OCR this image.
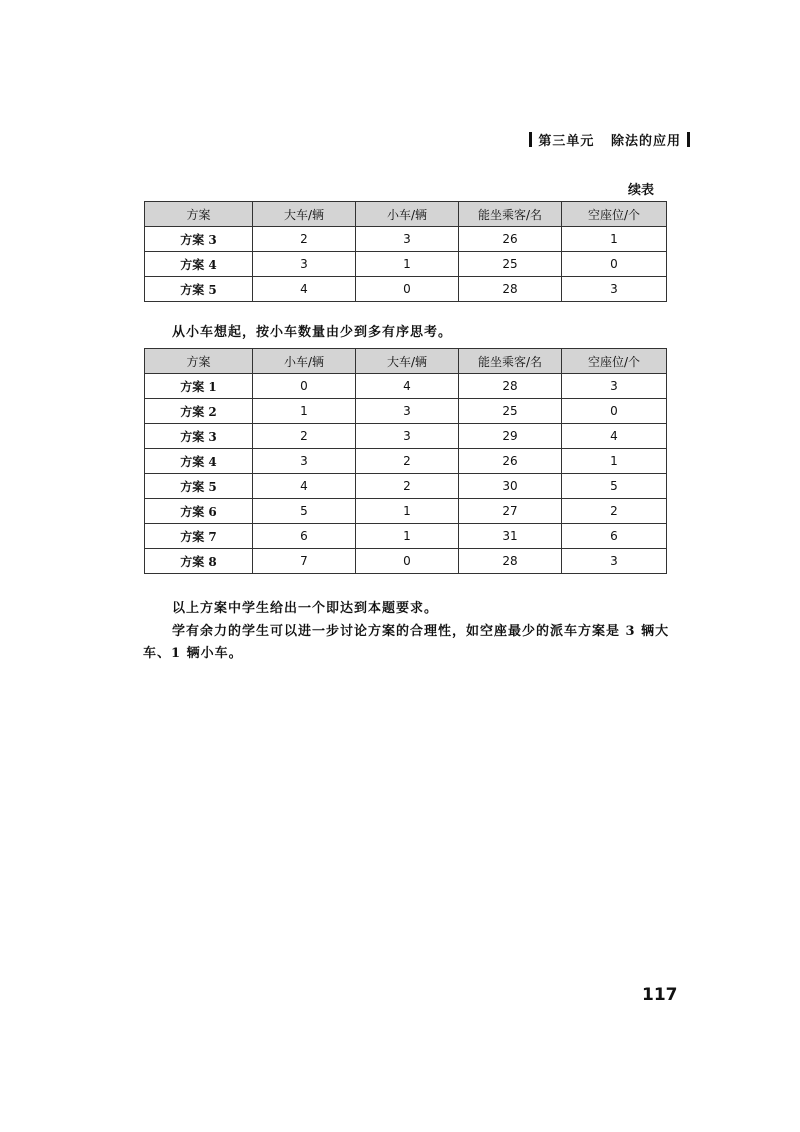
第三单元 除法的应用
续表
方案	大车/辆	小车/辆	能坐乘客/名	空座位/个
方案 3	2	3	26	1
方案 4	3	1	25	0
方案 5	4	0	28	3
从小车想起，按小车数量由少到多有序思考。
方案	小车/辆	大车/辆	能坐乘客/名	空座位/个
方案 1	0	4	28	3
方案 2	1	3	25	0
方案 3	2	3	29	4
方案 4	3	2	26	1
方案 5	4	2	30	5
方案 6	5	1	27	2
方案 7	6	1	31	6
方案 8	7	0	28	3
以上方案中学生给出一个即达到本题要求。
学有余力的学生可以进一步讨论方案的合理性，如空座最少的派车方案是 3 辆大车、1 辆小车。
117
